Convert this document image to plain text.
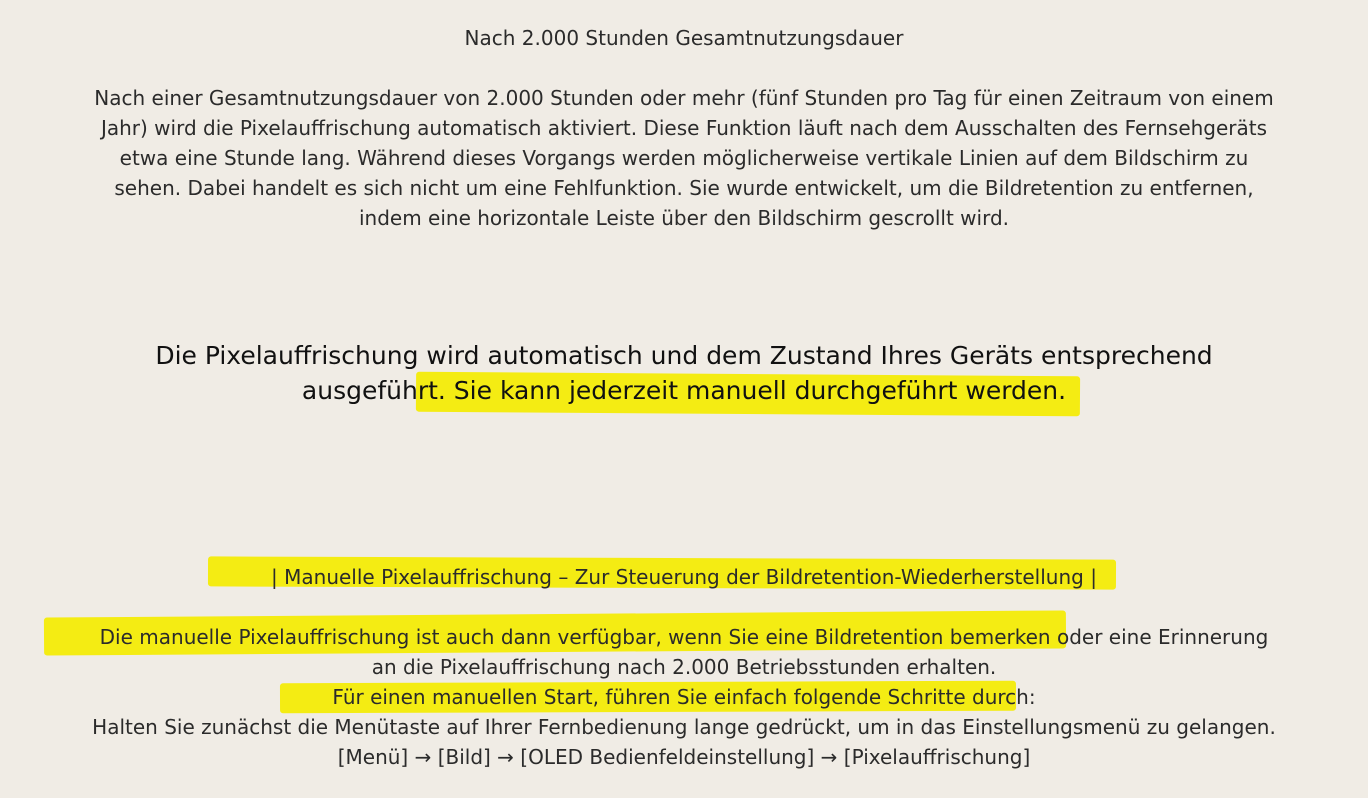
Nach 2.000 Stunden Gesamtnutzungsdauer
Nach einer Gesamtnutzungsdauer von 2.000 Stunden oder mehr (fünf Stunden pro Tag für einen Zeitraum von einem
Jahr) wird die Pixelauffrischung automatisch aktiviert. Diese Funktion läuft nach dem Ausschalten des Fernsehgeräts
etwa eine Stunde lang. Während dieses Vorgangs werden möglicherweise vertikale Linien auf dem Bildschirm zu
sehen. Dabei handelt es sich nicht um eine Fehlfunktion. Sie wurde entwickelt, um die Bildretention zu entfernen,
indem eine horizontale Leiste über den Bildschirm gescrollt wird.
Die Pixelauffrischung wird automatisch und dem Zustand Ihres Geräts entsprechend
ausgeführt. Sie kann jederzeit manuell durchgeführt werden.
| Manuelle Pixelauffrischung – Zur Steuerung der Bildretention-Wiederherstellung |
Die manuelle Pixelauffrischung ist auch dann verfügbar, wenn Sie eine Bildretention bemerken oder eine Erinnerung
an die Pixelauffrischung nach 2.000 Betriebsstunden erhalten.
Für einen manuellen Start, führen Sie einfach folgende Schritte durch:
Halten Sie zunächst die Menütaste auf Ihrer Fernbedienung lange gedrückt, um in das Einstellungsmenü zu gelangen.
[Menü] → [Bild] → [OLED Bedienfeldeinstellung] → [Pixelauffrischung]
